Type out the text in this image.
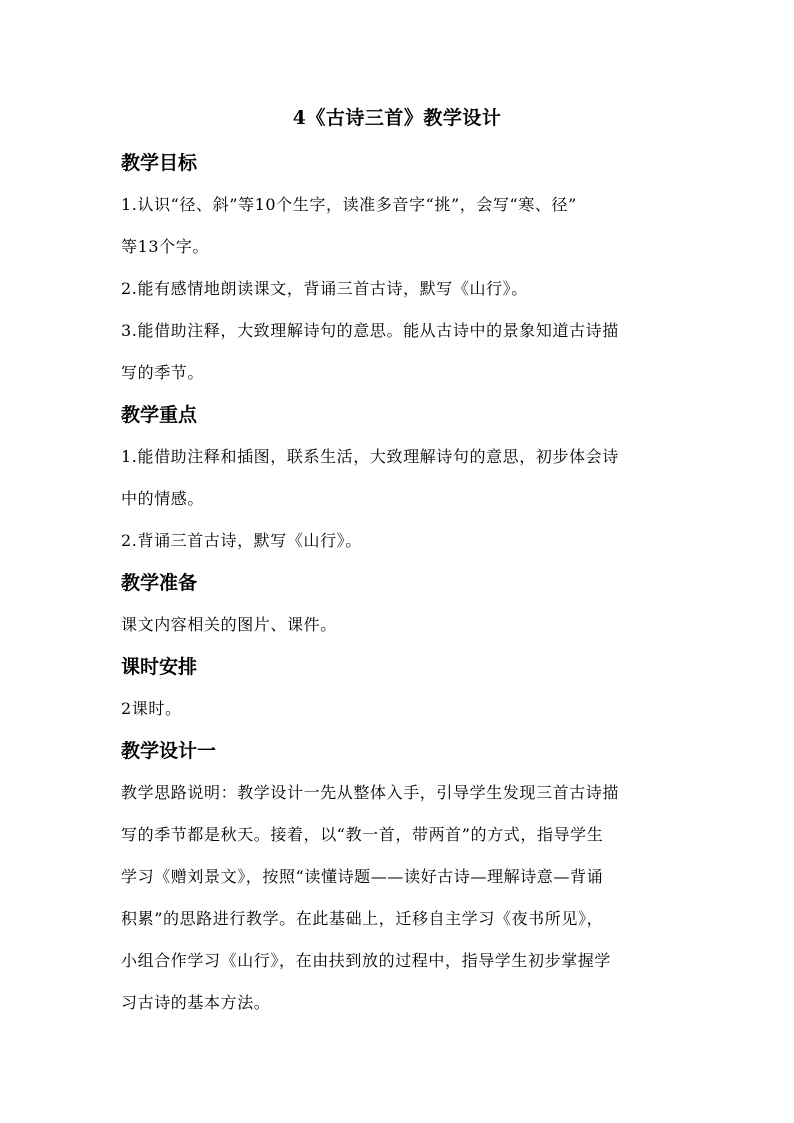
4《古诗三首》教学设计
教学目标
1.认识“径、斜”等10个生字，读准多音字“挑”，会写“寒、径”
等13个字。
2.能有感情地朗读课文，背诵三首古诗，默写《山行》。
3.能借助注释，大致理解诗句的意思。能从古诗中的景象知道古诗描
写的季节。
教学重点
1.能借助注释和插图，联系生活，大致理解诗句的意思，初步体会诗
中的情感。
2.背诵三首古诗，默写《山行》。
教学准备
课文内容相关的图片、课件。
课时安排
2课时。
教学设计一
教学思路说明：教学设计一先从整体入手，引导学生发现三首古诗描
写的季节都是秋天。接着，以“教一首，带两首”的方式，指导学生
学习《赠刘景文》，按照“读懂诗题——读好古诗—理解诗意—背诵
积累”的思路进行教学。在此基础上，迁移自主学习《夜书所见》，
小组合作学习《山行》，在由扶到放的过程中，指导学生初步掌握学
习古诗的基本方法。
